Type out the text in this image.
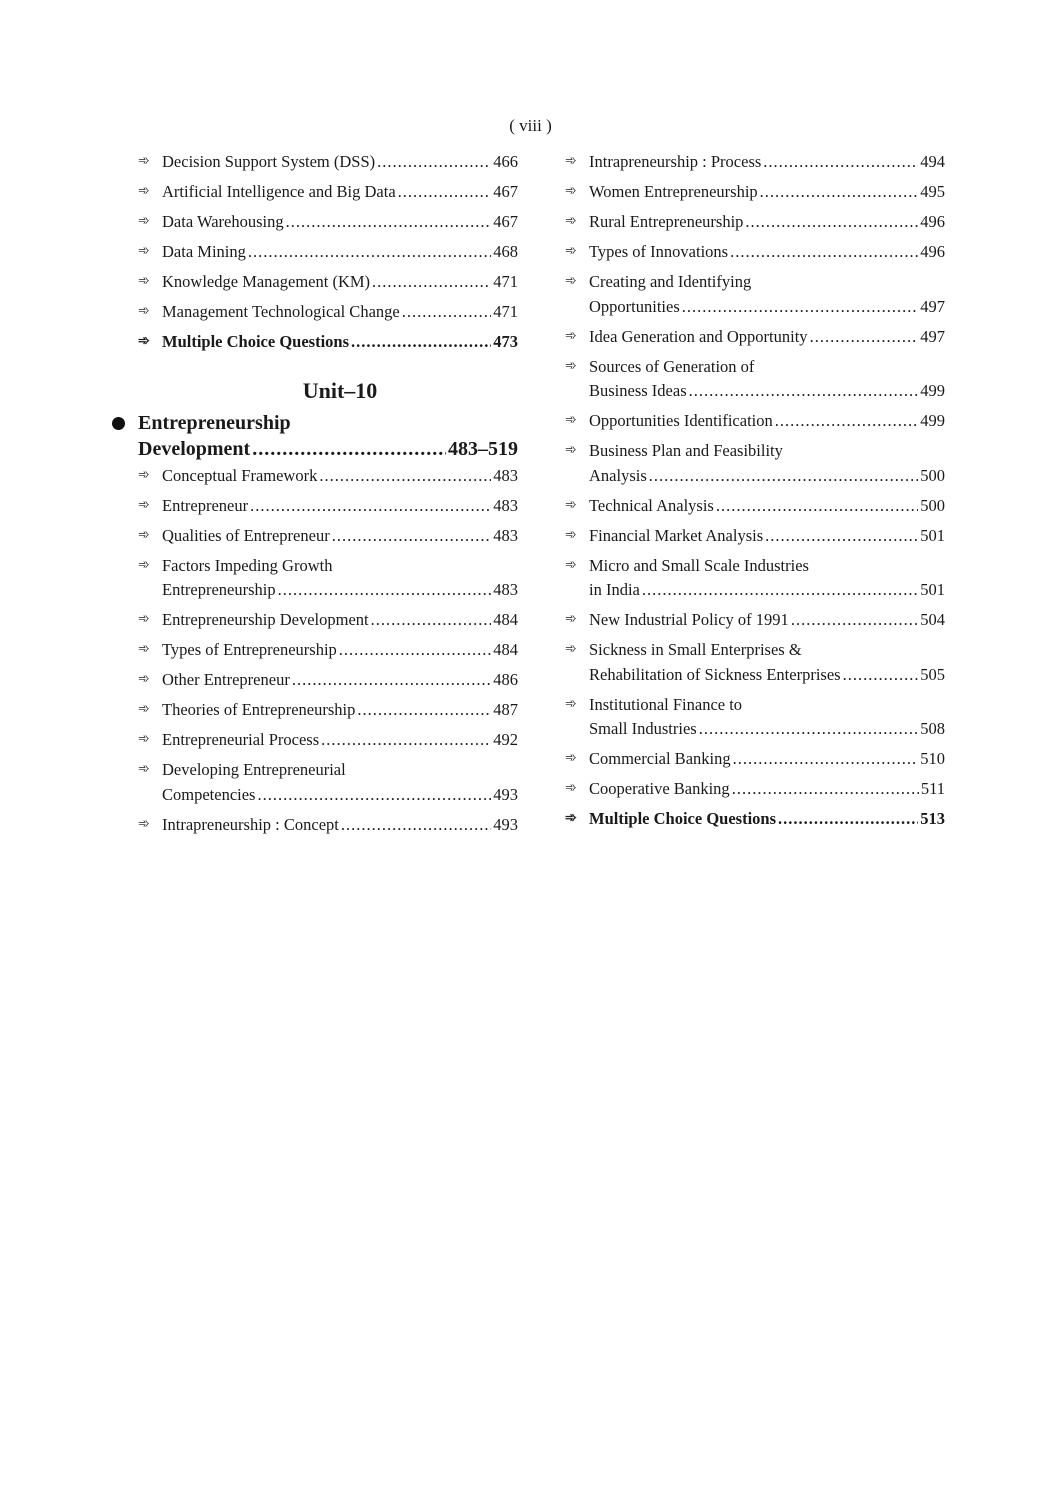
( viii )
➾ Decision Support System (DSS) .....	466
➾ Artificial Intelligence and Big Data .....	467
➾ Data Warehousing .....	467
➾ Data Mining .....	468
➾ Knowledge Management (KM) .....	471
➾ Management Technological Change .....	471
➾ Multiple Choice Questions .....	473
Unit–10
Entrepreneurship
Development .....	483–519
➾ Conceptual Framework .....	483
➾ Entrepreneur .....	483
➾ Qualities of Entrepreneur .....	483
➾ Factors Impeding Growth
Entrepreneurship .....	483
➾ Entrepreneurship Development .....	484
➾ Types of Entrepreneurship .....	484
➾ Other Entrepreneur .....	486
➾ Theories of Entrepreneurship .....	487
➾ Entrepreneurial Process .....	492
➾ Developing Entrepreneurial
Competencies .....	493
➾ Intrapreneurship : Concept .....	493
➾ Intrapreneurship : Process .....	494
➾ Women Entrepreneurship .....	495
➾ Rural Entrepreneurship .....	496
➾ Types of Innovations .....	496
➾ Creating and Identifying
Opportunities .....	497
➾ Idea Generation and Opportunity .....	497
➾ Sources of Generation of
Business Ideas .....	499
➾ Opportunities Identification .....	499
➾ Business Plan and Feasibility
Analysis .....	500
➾ Technical Analysis .....	500
➾ Financial Market Analysis .....	501
➾ Micro and Small Scale Industries
in India .....	501
➾ New Industrial Policy of 1991 .....	504
➾ Sickness in Small Enterprises &
Rehabilitation of Sickness Enterprises .....	505
➾ Institutional Finance to
Small Industries .....	508
➾ Commercial Banking .....	510
➾ Cooperative Banking .....	511
➾ Multiple Choice Questions .....	513
